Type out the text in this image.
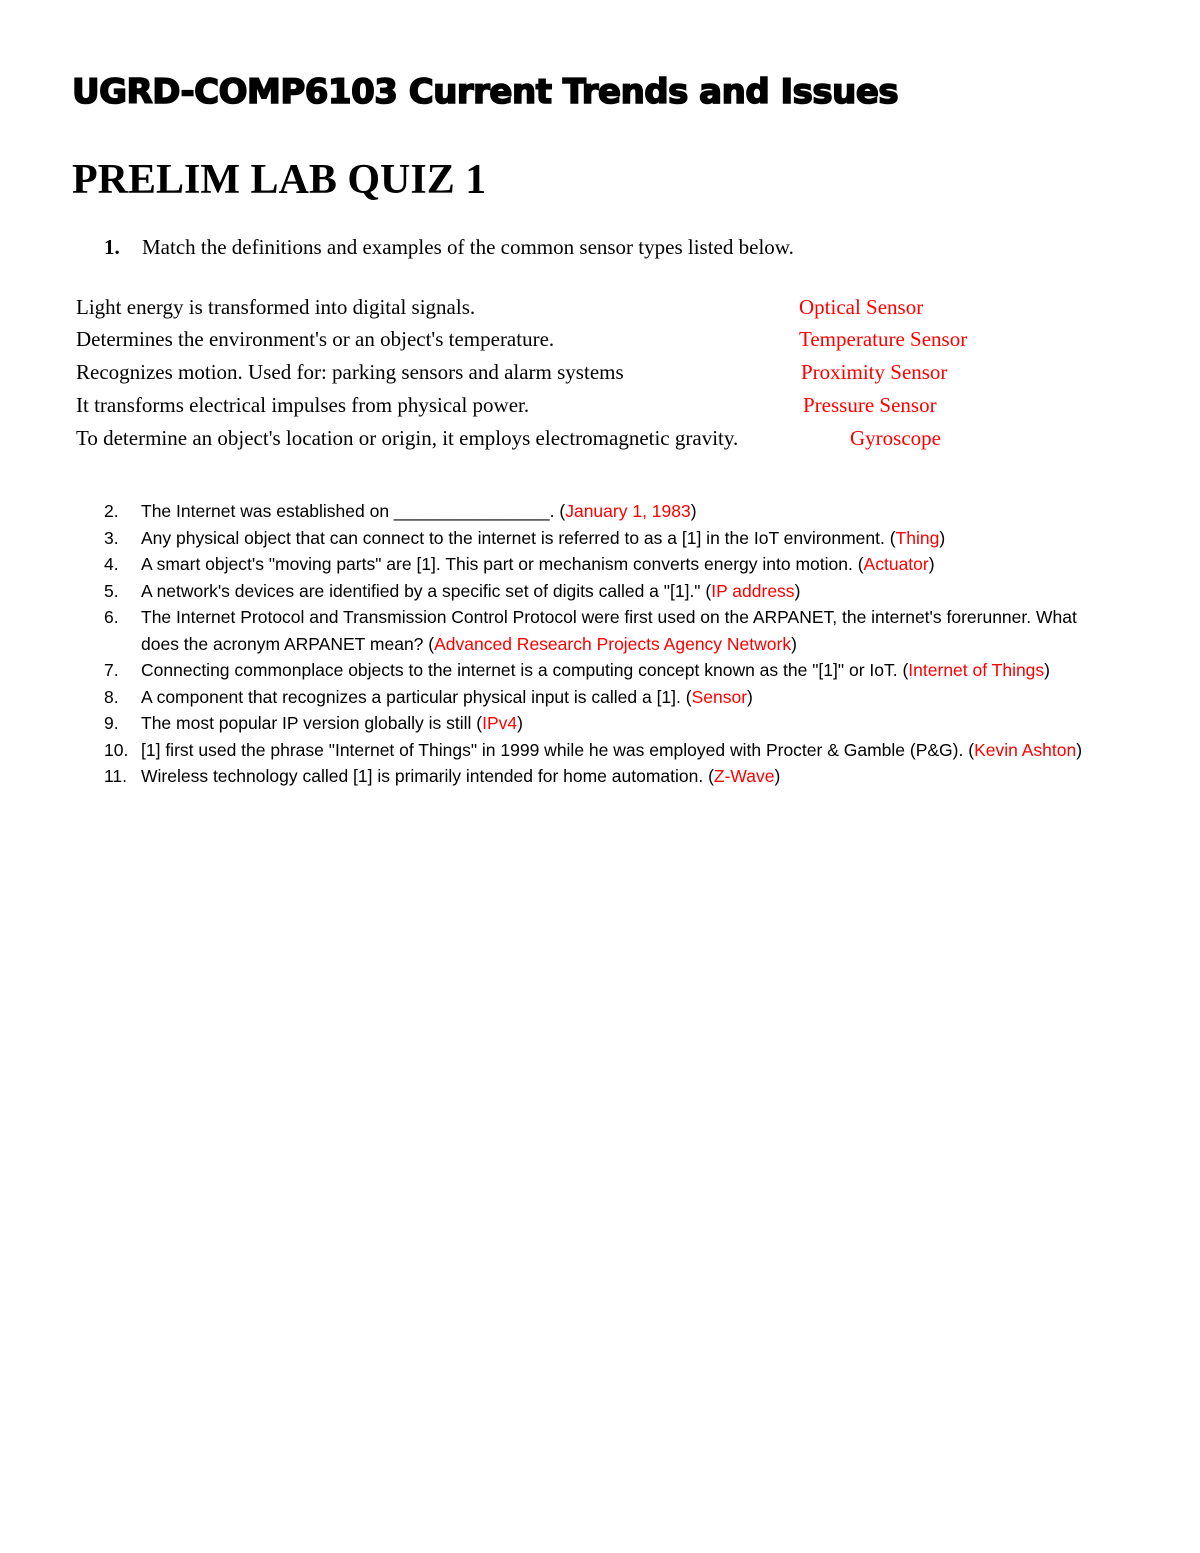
UGRD-COMP6103 Current Trends and Issues
PRELIM LAB QUIZ 1
1. Match the definitions and examples of the common sensor types listed below.
Light energy is transformed into digital signals.	Optical Sensor
Determines the environment's or an object's temperature.	Temperature Sensor
Recognizes motion. Used for: parking sensors and alarm systems	Proximity Sensor
It transforms electrical impulses from physical power.	Pressure Sensor
To determine an object's location or origin, it employs electromagnetic gravity.	Gyroscope
2.	The Internet was established on ________________. (January 1, 1983)
3.	Any physical object that can connect to the internet is referred to as a [1] in the IoT environment. (Thing)
4.	A smart object's "moving parts" are [1]. This part or mechanism converts energy into motion. (Actuator)
5.	A network's devices are identified by a specific set of digits called a "[1]." (IP address)
6.	The Internet Protocol and Transmission Control Protocol were first used on the ARPANET, the internet's forerunner. What does the acronym ARPANET mean? (Advanced Research Projects Agency Network)
7.	Connecting commonplace objects to the internet is a computing concept known as the "[1]" or IoT. (Internet of Things)
8.	A component that recognizes a particular physical input is called a [1]. (Sensor)
9.	The most popular IP version globally is still (IPv4)
10. [1] first used the phrase "Internet of Things" in 1999 while he was employed with Procter & Gamble (P&G). (Kevin Ashton)
11. Wireless technology called [1] is primarily intended for home automation. (Z-Wave)
